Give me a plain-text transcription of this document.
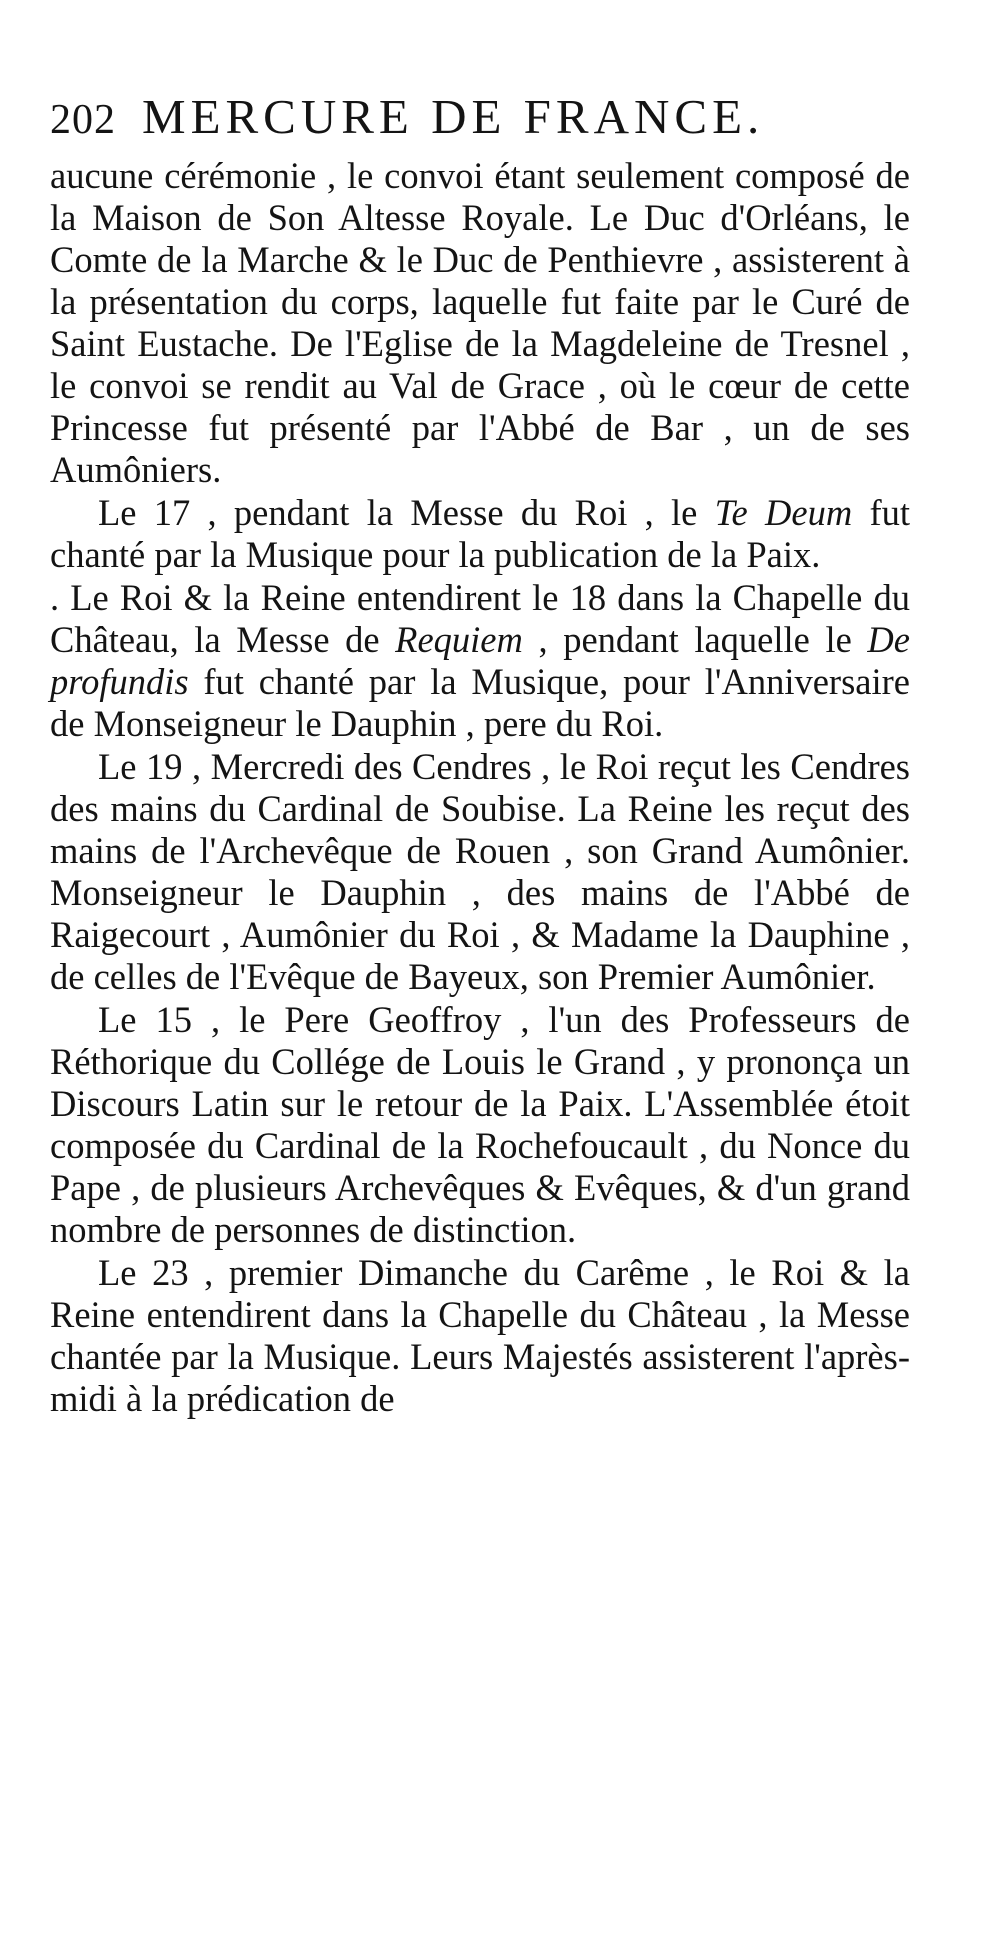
202 MERCURE DE FRANCE.

aucune cérémonie , le convoi étant seulement composé de la Maison de Son Altesse Royale. Le Duc d'Orléans, le Comte de la Marche & le Duc de Penthievre , assisterent à la présentation du corps, laquelle fut faite par le Curé de Saint Eustache. De l'Eglise de la Magdeleine de Tresnel , le convoi se rendit au Val de Grace , où le cœur de cette Princesse fut présenté par l'Abbé de Bar , un de ses Aumôniers.

Le 17 , pendant la Messe du Roi , le Te Deum fut chanté par la Musique pour la publication de la Paix.

. Le Roi & la Reine entendirent le 18 dans la Chapelle du Château, la Messe de Requiem , pendant laquelle le De profundis fut chanté par la Musique, pour l'Anniversaire de Monseigneur le Dauphin , pere du Roi.

Le 19 , Mercredi des Cendres , le Roi reçut les Cendres des mains du Cardinal de Soubise. La Reine les reçut des mains de l'Archevêque de Rouen , son Grand Aumônier. Monseigneur le Dauphin , des mains de l'Abbé de Raigecourt , Aumônier du Roi , & Madame la Dauphine , de celles de l'Evêque de Bayeux, son Premier Aumônier.

Le 15 , le Pere Geoffroy , l'un des Professeurs de Réthorique du Collége de Louis le Grand , y prononça un Discours Latin sur le retour de la Paix. L'Assemblée étoit composée du Cardinal de la Rochefoucault , du Nonce du Pape , de plusieurs Archevêques & Evêques, & d'un grand nombre de personnes de distinction.

Le 23 , premier Dimanche du Carême , le Roi & la Reine entendirent dans la Chapelle du Château , la Messe chantée par la Musique. Leurs Majestés assisterent l'après-midi à la prédication de
